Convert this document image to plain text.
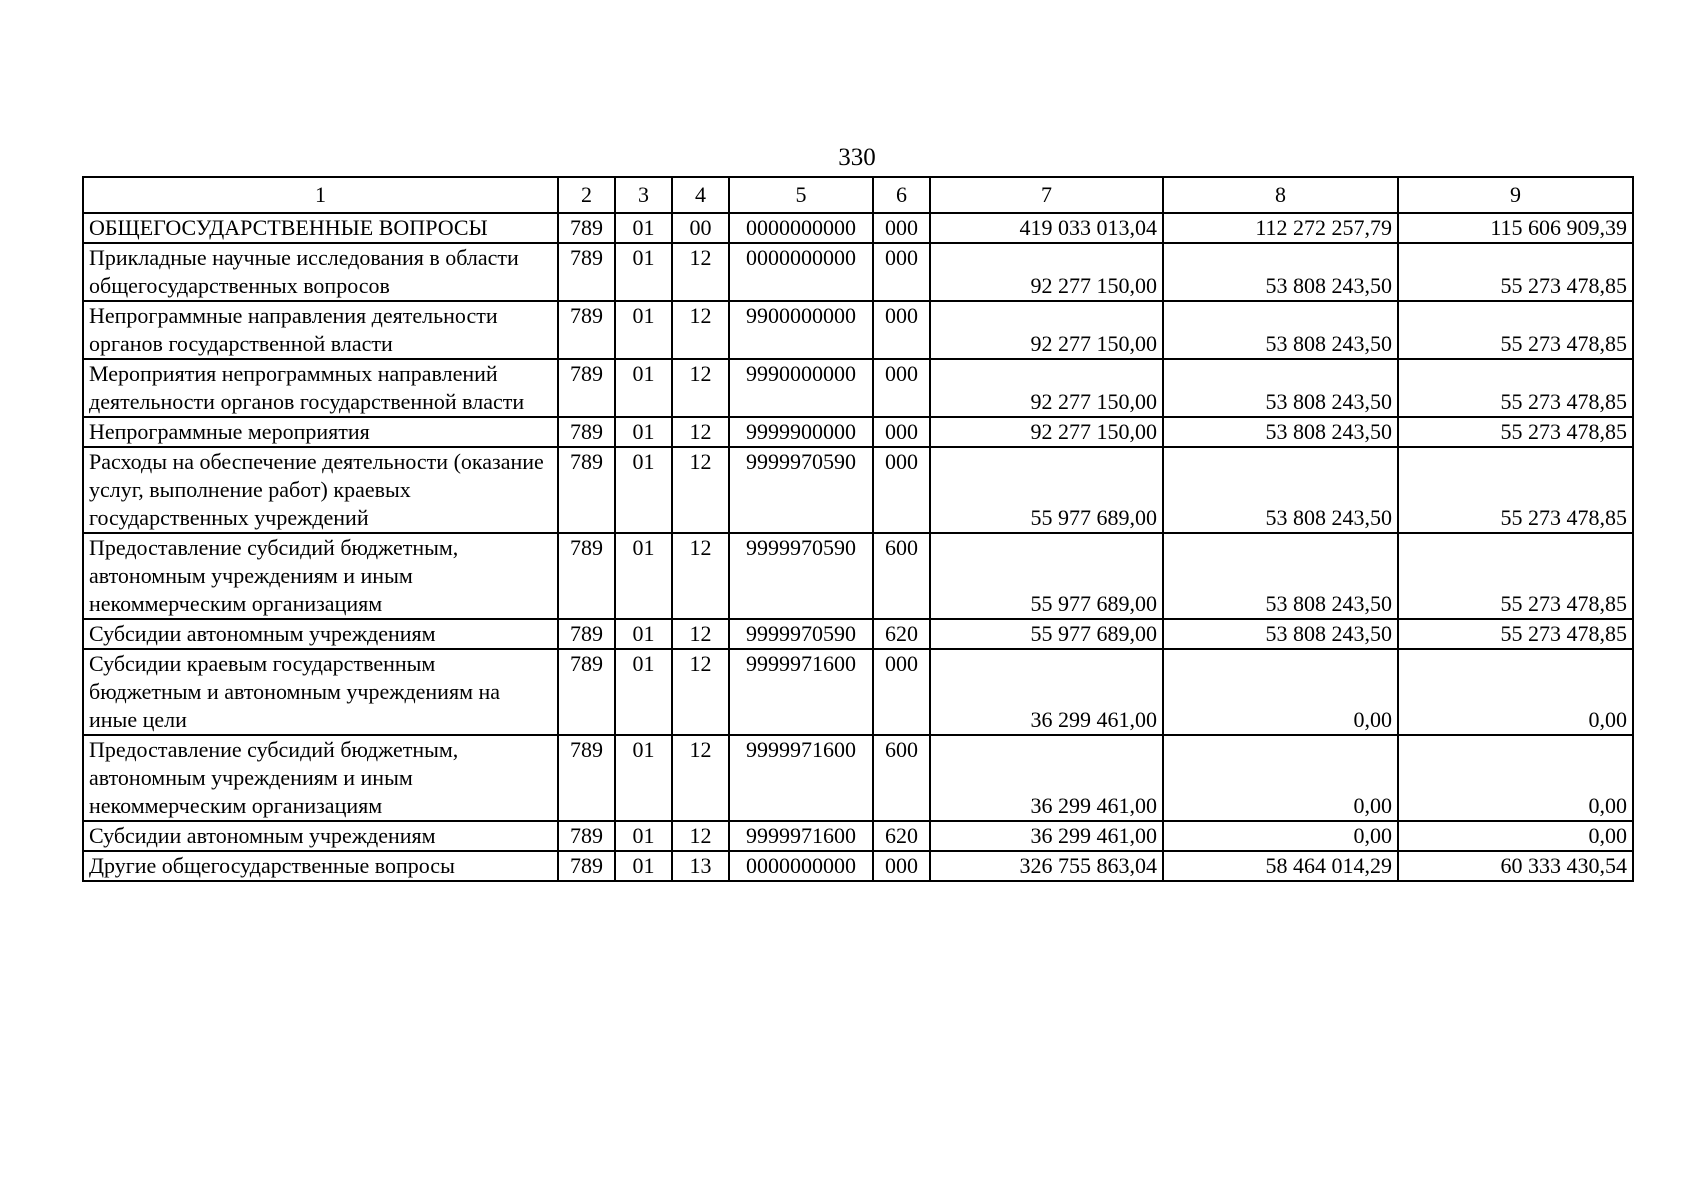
330
1	2	3	4	5	6	7	8	9
ОБЩЕГОСУДАРСТВЕННЫЕ ВОПРОСЫ	789	01	00	0000000000	000	419 033 013,04	112 272 257,79	115 606 909,39
Прикладные научные исследования в области общегосударственных вопросов	789	01	12	0000000000	000	92 277 150,00	53 808 243,50	55 273 478,85
Непрограммные направления деятельности органов государственной власти	789	01	12	9900000000	000	92 277 150,00	53 808 243,50	55 273 478,85
Мероприятия непрограммных направлений деятельности органов государственной власти	789	01	12	9990000000	000	92 277 150,00	53 808 243,50	55 273 478,85
Непрограммные мероприятия	789	01	12	9999900000	000	92 277 150,00	53 808 243,50	55 273 478,85
Расходы на обеспечение деятельности (оказание услуг, выполнение работ) краевых государственных учреждений	789	01	12	9999970590	000	55 977 689,00	53 808 243,50	55 273 478,85
Предоставление субсидий бюджетным, автономным учреждениям и иным некоммерческим организациям	789	01	12	9999970590	600	55 977 689,00	53 808 243,50	55 273 478,85
Субсидии автономным учреждениям	789	01	12	9999970590	620	55 977 689,00	53 808 243,50	55 273 478,85
Субсидии краевым государственным бюджетным и автономным учреждениям на иные цели	789	01	12	9999971600	000	36 299 461,00	0,00	0,00
Предоставление субсидий бюджетным, автономным учреждениям и иным некоммерческим организациям	789	01	12	9999971600	600	36 299 461,00	0,00	0,00
Субсидии автономным учреждениям	789	01	12	9999971600	620	36 299 461,00	0,00	0,00
Другие общегосударственные вопросы	789	01	13	0000000000	000	326 755 863,04	58 464 014,29	60 333 430,54
